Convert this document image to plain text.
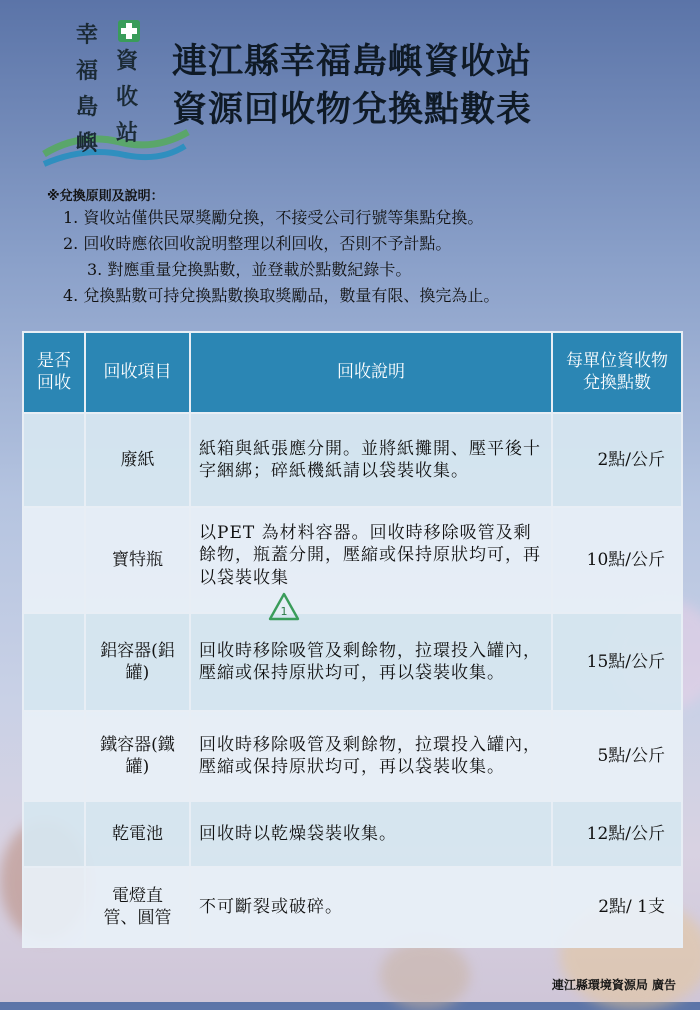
幸
福
島
嶼
資
收
站
連江縣幸福島嶼資收站
資源回收物兌換點數表
※兌換原則及說明：
1. 資收站僅供民眾獎勵兌換，不接受公司行號等集點兌換。
2. 回收時應依回收說明整理以利回收，否則不予計點。
3. 對應重量兌換點數，並登載於點數紀錄卡。
4. 兌換點數可持兌換點數換取獎勵品，數量有限、換完為止。
是否回收	回收項目	回收說明	每單位資收物兌換點數
	廢紙	紙箱與紙張應分開。並將紙攤開、壓平後十字綑綁；碎紙機紙請以袋裝收集。	2點/公斤
	寶特瓶	以PET 為材料容器。回收時移除吸管及剩餘物，瓶蓋分開，壓縮或保持原狀均可，再以袋裝收集	10點/公斤
	鋁容器(鋁罐)	回收時移除吸管及剩餘物，拉環投入罐內，壓縮或保持原狀均可，再以袋裝收集。	15點/公斤
	鐵容器(鐵罐)	回收時移除吸管及剩餘物，拉環投入罐內，壓縮或保持原狀均可，再以袋裝收集。	5點/公斤
	乾電池	回收時以乾燥袋裝收集。	12點/公斤
	電燈直管、圓管	不可斷裂或破碎。	2點/ 1支
1
連江縣環境資源局 廣告
